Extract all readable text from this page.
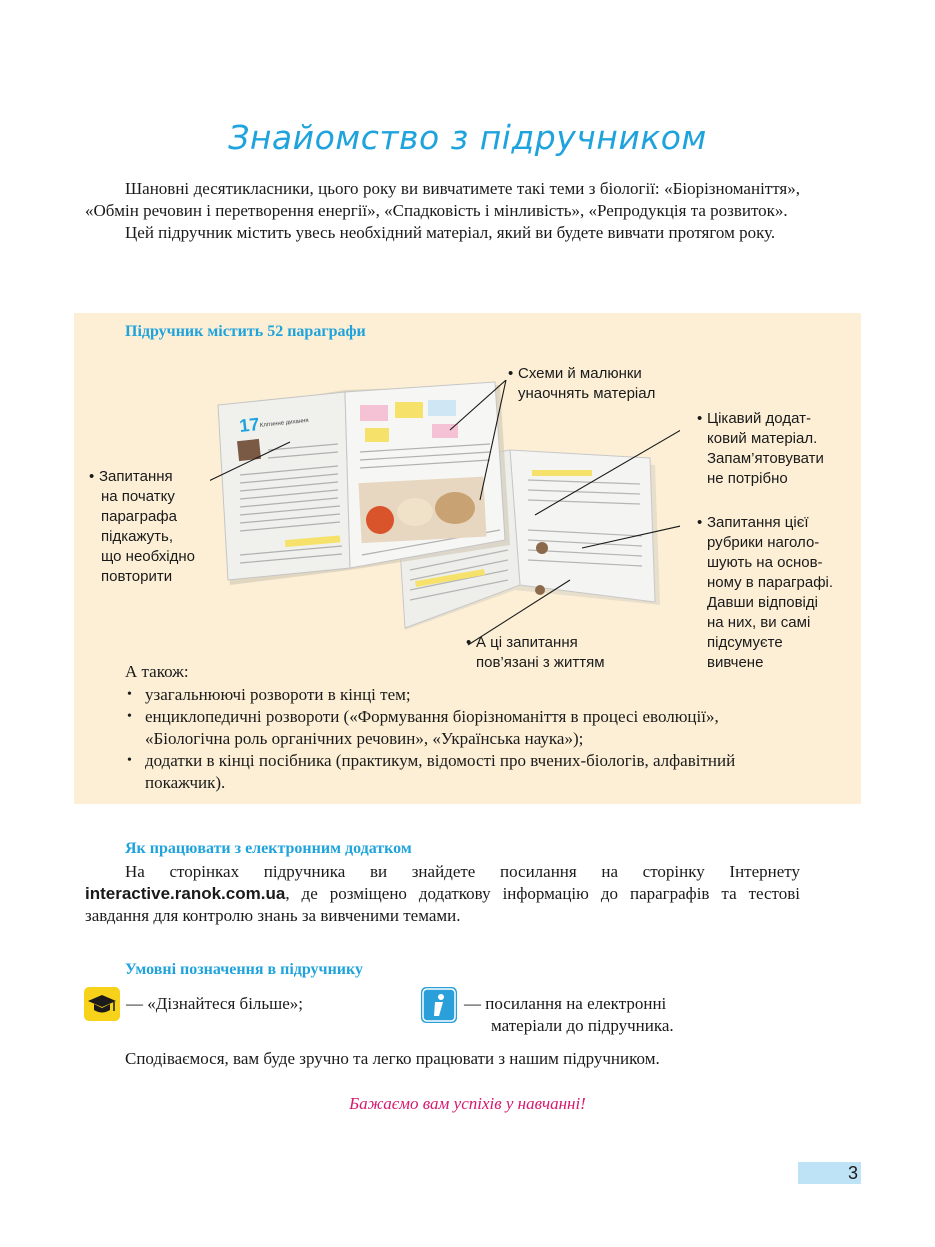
Знайомство з підручником

Шановні десятикласники, цього року ви вивчатимете такі теми з біології: «Біорізноманіття», «Обмін речовин і перетворення енергії», «Спадковість і мінливість», «Репродукція та розвиток».

Цей підручник містить увесь необхідний матеріал, який ви будете вивчати протягом року.

Підручник містить 52 параграфи
17 Клітинне дихання
• Схеми й малюнки
унаочнять матеріал
• Цікавий додат-
ковий матеріал.
Запам’ятовувати
не потрібно
• Запитання
на початку
параграфа
підкажуть,
що необхідно
повторити
• Запитання цієї
рубрики наголо-
шують на основ-
ному в параграфі.
Давши відповіді
на них, ви самі
підсумуєте
вивчене
• А ці запитання
пов’язані з життям
А також:
• узагальнюючі розвороти в кінці тем;
• енциклопедичні розвороти («Формування біорізноманіття в процесі еволюції», «Біологічна роль органічних речовин», «Українська наука»);
• додатки в кінці посібника (практикум, відомості про вчених-біологів, алфавітний покажчик).
Як працювати з електронним додатком

На сторінках підручника ви знайдете посилання на сторінку Інтернету interactive.ranok.com.ua, де розміщено додаткову інформацію до параграфів та тестові завдання для контролю знань за вивченими темами.

Умовні позначення в підручнику
— «Дізнайтеся більше»;	— посилання на електронні
матеріали до підручника.

Сподіваємося, вам буде зручно та легко працювати з нашим підручником.

Бажаємо вам успіхів у навчанні!
3
